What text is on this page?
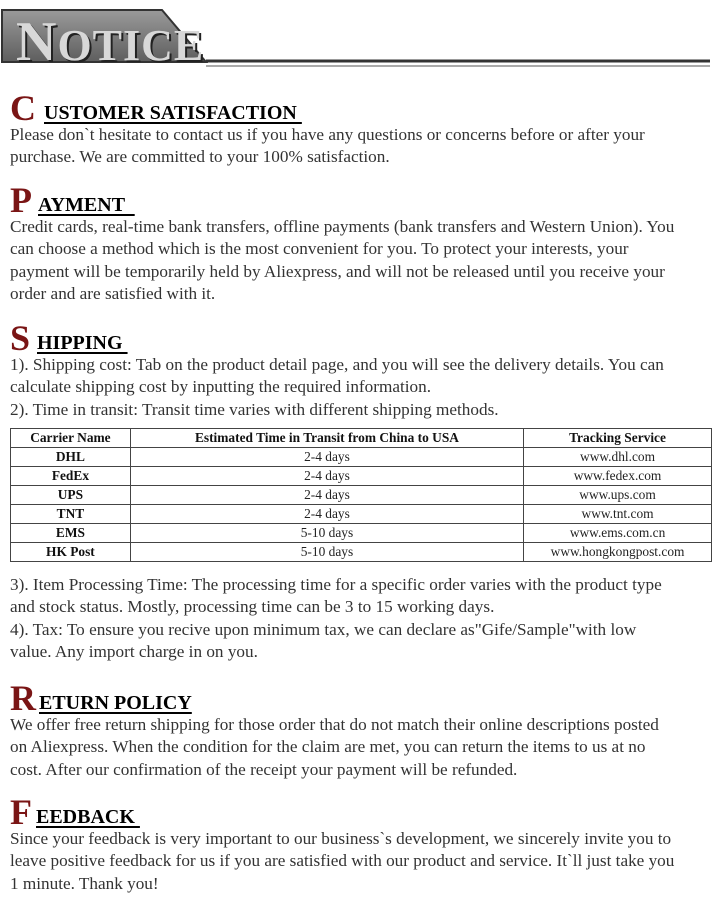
NOTICE
C USTOMER SATISFACTION

Please don`t hesitate to contact us if you have any questions or concerns before or after your

purchase. We are committed to your 100% satisfaction.

P AYMENT

Credit cards, real-time bank transfers, offline payments (bank transfers and Western Union). You

can choose a method which is the most convenient for you. To protect your interests, your

payment will be temporarily held by Aliexpress, and will not be released until you receive your

order and are satisfied with it.

S HIPPING

1). Shipping cost: Tab on the product detail page, and you will see the delivery details. You can

calculate shipping cost by inputting the required information.

2). Time in transit: Transit time varies with different shipping methods.

Carrier Name	Estimated Time in Transit from China to USA	Tracking Service
DHL	2-4 days	www.dhl.com
FedEx	2-4 days	www.fedex.com
UPS	2-4 days	www.ups.com
TNT	2-4 days	www.tnt.com
EMS	5-10 days	www.ems.com.cn
HK Post	5-10 days	www.hongkongpost.com

3). Item Processing Time: The processing time for a specific order varies with the product type

and stock status. Mostly, processing time can be 3 to 15 working days.

4). Tax: To ensure you recive upon minimum tax, we can declare as"Gife/Sample"with low

value. Any import charge in on you.

R ETURN POLICY

We offer free return shipping for those order that do not match their online descriptions posted

on Aliexpress. When the condition for the claim are met, you can return the items to us at no

cost. After our confirmation of the receipt your payment will be refunded.

F EEDBACK

Since your feedback is very important to our business`s development, we sincerely invite you to

leave positive feedback for us if you are satisfied with our product and service. It`ll just take you

1 minute. Thank you!
